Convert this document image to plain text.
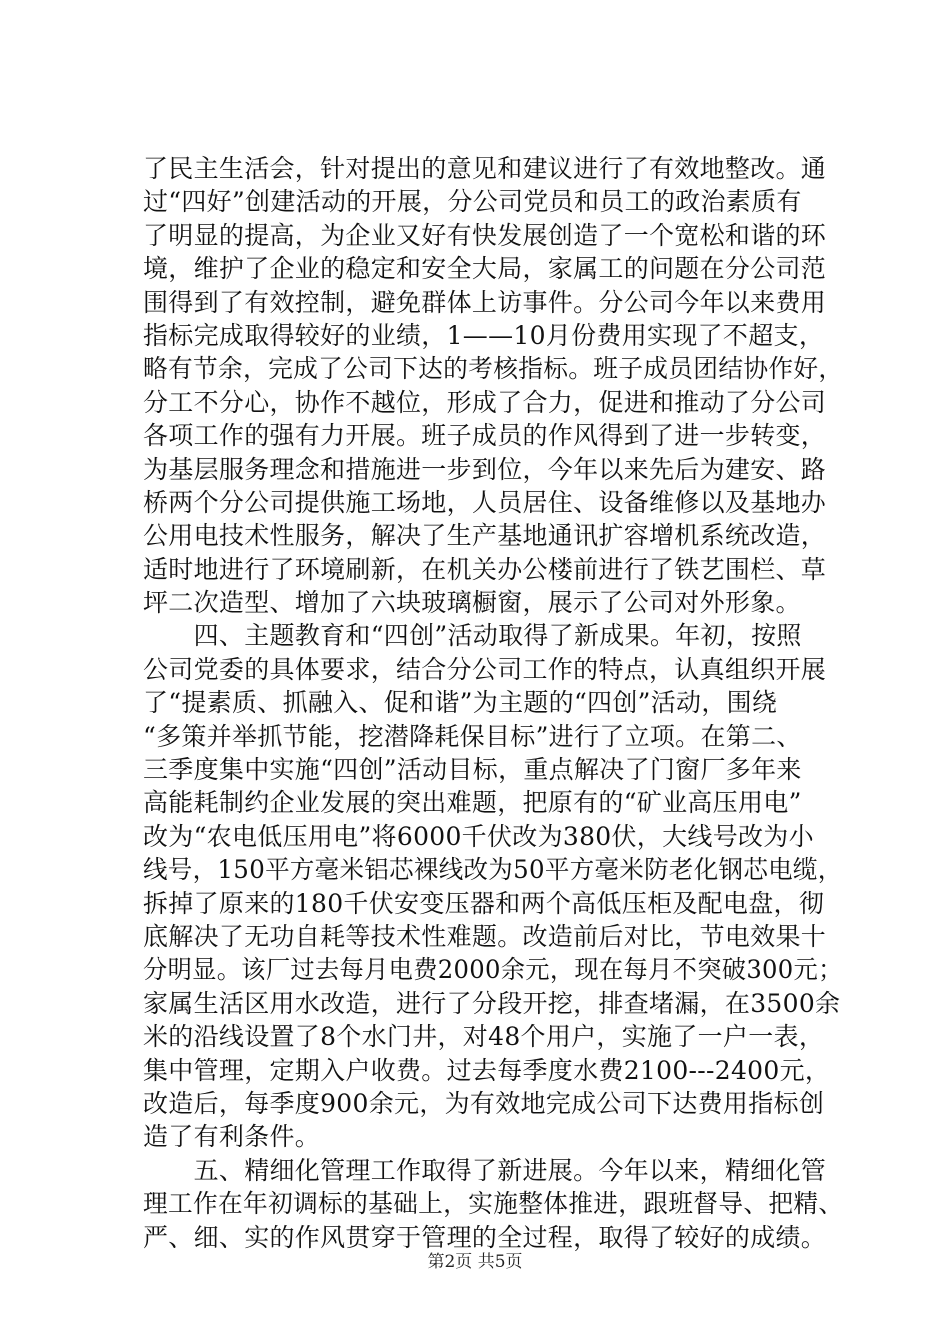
了民主生活会，针对提出的意见和建议进行了有效地整改。通
过“四好”创建活动的开展，分公司党员和员工的政治素质有
了明显的提高，为企业又好有快发展创造了一个宽松和谐的环
境，维护了企业的稳定和安全大局，家属工的问题在分公司范
围得到了有效控制，避免群体上访事件。分公司今年以来费用
指标完成取得较好的业绩，1——10月份费用实现了不超支，
略有节余，完成了公司下达的考核指标。班子成员团结协作好，
分工不分心，协作不越位，形成了合力，促进和推动了分公司
各项工作的强有力开展。班子成员的作风得到了进一步转变，
为基层服务理念和措施进一步到位，今年以来先后为建安、路
桥两个分公司提供施工场地，人员居住、设备维修以及基地办
公用电技术性服务，解决了生产基地通讯扩容增机系统改造，
适时地进行了环境刷新，在机关办公楼前进行了铁艺围栏、草
坪二次造型、增加了六块玻璃橱窗，展示了公司对外形象。
　　四、主题教育和“四创”活动取得了新成果。年初，按照
公司党委的具体要求，结合分公司工作的特点，认真组织开展
了“提素质、抓融入、促和谐”为主题的“四创”活动，围绕
“多策并举抓节能，挖潜降耗保目标”进行了立项。在第二、
三季度集中实施“四创”活动目标，重点解决了门窗厂多年来
高能耗制约企业发展的突出难题，把原有的“矿业高压用电”
改为“农电低压用电”将6000千伏改为380伏，大线号改为小
线号，150平方毫米铝芯裸线改为50平方毫米防老化钢芯电缆，
拆掉了原来的180千伏安变压器和两个高低压柜及配电盘，彻
底解决了无功自耗等技术性难题。改造前后对比，节电效果十
分明显。该厂过去每月电费2000余元，现在每月不突破300元；
家属生活区用水改造，进行了分段开挖，排查堵漏，在3500余
米的沿线设置了8个水门井，对48个用户，实施了一户一表，
集中管理，定期入户收费。过去每季度水费2100---2400元，
改造后，每季度900余元，为有效地完成公司下达费用指标创
造了有利条件。
　　五、精细化管理工作取得了新进展。今年以来，精细化管
理工作在年初调标的基础上，实施整体推进，跟班督导、把精、
严、细、实的作风贯穿于管理的全过程，取得了较好的成绩。
第2页 共5页
